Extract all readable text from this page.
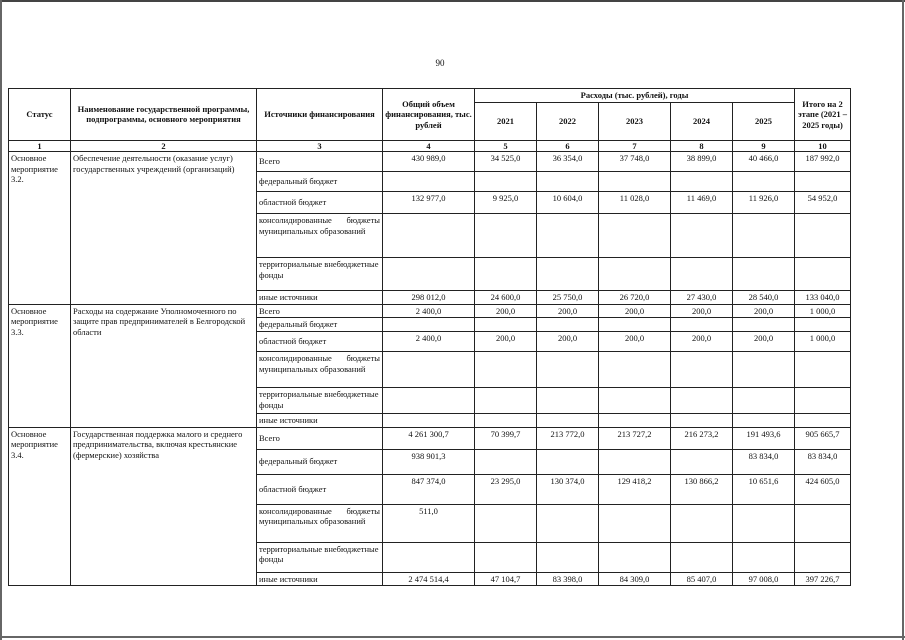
90
Статус	Наименование государственной программы, подпрограммы, основного мероприятия	Источники финансирования	Общий объем финансирования, тыс. рублей	Расходы (тыс. рублей), годы					Итого на 2 этапе (2021 – 2025 годы)
				2021	2022	2023	2024	2025	
1	2	3	4	5	6	7	8	9	10
Основное мероприятие 3.2.	Обеспечение деятельности (оказание услуг) государственных учреждений (организаций)	Всего	430 989,0	34 525,0	36 354,0	37 748,0	38 899,0	40 466,0	187 992,0
		федеральный бюджет							
		областной бюджет	132 977,0	9 925,0	10 604,0	11 028,0	11 469,0	11 926,0	54 952,0
		консолидированные бюджеты муниципальных образований							
		территориальные внебюджетные фонды							
		иные источники	298 012,0	24 600,0	25 750,0	26 720,0	27 430,0	28 540,0	133 040,0
Основное мероприятие 3.3.	Расходы на содержание Уполномоченного по защите прав предпринимателей в Белгородской области	Всего	2 400,0	200,0	200,0	200,0	200,0	200,0	1 000,0
		федеральный бюджет							
		областной бюджет	2 400,0	200,0	200,0	200,0	200,0	200,0	1 000,0
		консолидированные бюджеты муниципальных образований							
		территориальные внебюджетные фонды							
		иные источники							
Основное мероприятие 3.4.	Государственная поддержка малого и среднего предпринимательства, включая крестьянские (фермерские) хозяйства	Всего	4 261 300,7	70 399,7	213 772,0	213 727,2	216 273,2	191 493,6	905 665,7
		федеральный бюджет	938 901,3					83 834,0	83 834,0
		областной бюджет	847 374,0	23 295,0	130 374,0	129 418,2	130 866,2	10 651,6	424 605,0
		консолидированные бюджеты муниципальных образований	511,0						
		территориальные внебюджетные фонды							
		иные источники	2 474 514,4	47 104,7	83 398,0	84 309,0	85 407,0	97 008,0	397 226,7
